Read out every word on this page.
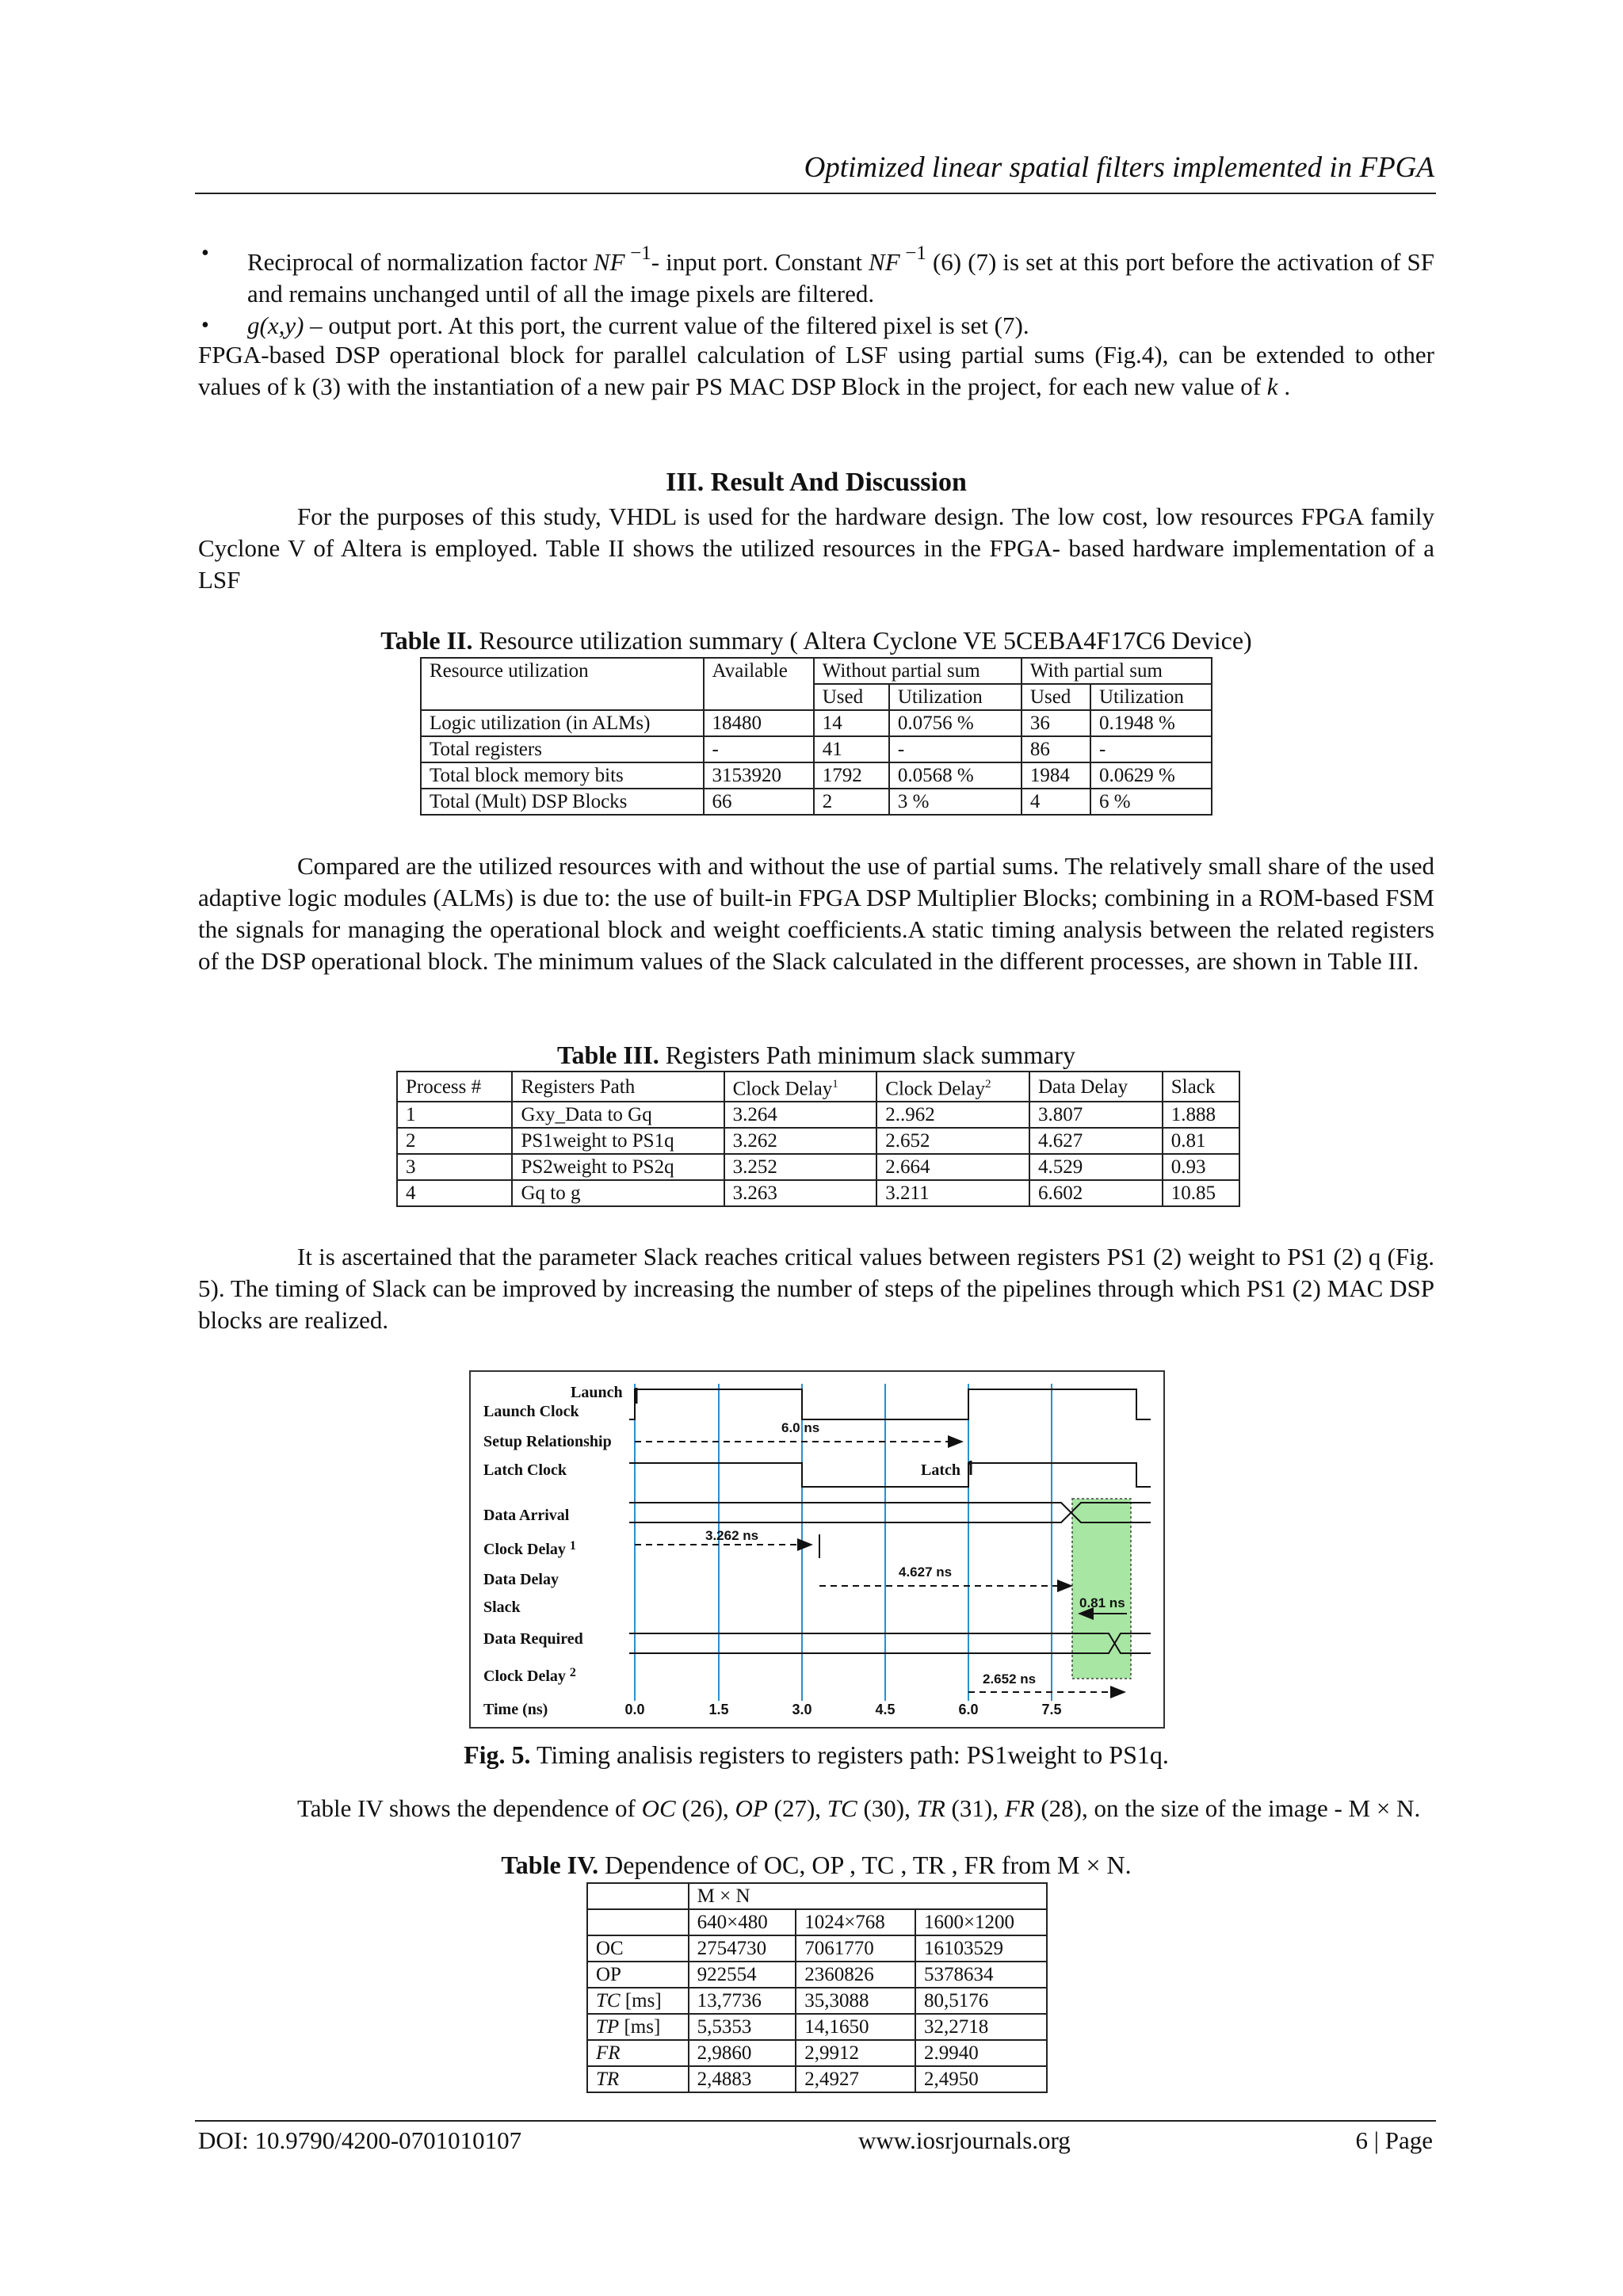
Optimized linear spatial filters implemented in FPGA
• Reciprocal of normalization factor NF $^{-1}$- input port. Constant NF $^{-1}$ (6) (7) is set at this port before the activation of SF and remains unchanged until of all the image pixels are filtered.
• g(x,y) – output port. At this port, the current value of the filtered pixel is set (7).
FPGA-based DSP operational block for parallel calculation of LSF using partial sums (Fig.4), can be extended to other values of k (3) with the instantiation of a new pair PS MAC DSP Block in the project, for each new value of k .
III. Result And Discussion
For the purposes of this study, VHDL is used for the hardware design. The low cost, low resources FPGA family Cyclone V of Altera is employed. Table II shows the utilized resources in the FPGA- based hardware implementation of a LSF
Table II. Resource utilization summary ( Altera Cyclone VE 5CEBA4F17C6 Device)
Resource utilization	Available	Without partial sum		With partial sum	
		Used	Utilization	Used	Utilization
Logic utilization (in ALMs)	18480	14	0.0756 %	36	0.1948 %
Total registers	-	41	-	86	-
Total block memory bits	3153920	1792	0.0568 %	1984	0.0629 %
Total (Mult) DSP Blocks	66	2	3 %	4	6 %
Compared are the utilized resources with and without the use of partial sums. The relatively small share of the used adaptive logic modules (ALMs) is due to: the use of built-in FPGA DSP Multiplier Blocks; combining in a ROM-based FSM the signals for managing the operational block and weight coefficients.A static timing analysis between the related registers of the DSP operational block. The minimum values of the Slack calculated in the different processes, are shown in Table III.
Table III. Registers Path minimum slack summary
Process #	Registers Path	Clock Delay$^1$	Clock Delay$^2$	Data Delay	Slack
1	Gxy_Data to Gq	3.264	2..962	3.807	1.888
2	PS1weight to PS1q	3.262	2.652	4.627	0.81
3	PS2weight to PS2q	3.252	2.664	4.529	0.93
4	Gq to g	3.263	3.211	6.602	10.85
It is ascertained that the parameter Slack reaches critical values between registers PS1 (2) weight to PS1 (2) q (Fig. 5). The timing of Slack can be improved by increasing the number of steps of the pipelines through which PS1 (2) MAC DSP blocks are realized.
Launch
Launch Clock
Setup Relationship
Latch Clock	Latch
Data Arrival
Clock Delay $^1$
Data Delay
Slack
Data Required
Clock Delay $^2$
Time (ns)
6.0 ns
3.262 ns
4.627 ns
0.81 ns
2.652 ns
0.0	1.5	3.0	4.5	6.0	7.5
Fig. 5. Timing analisis registers to registers path: PS1weight to PS1q.
Table IV shows the dependence of OC (26), OP (27), TC (30), TR (31), FR (28), on the size of the image - M × N.
Table IV. Dependence of OC, OP , TC , TR , FR from M × N.
	M × N		
	640×480	1024×768	1600×1200
OC	2754730	7061770	16103529
OP	922554	2360826	5378634
TC [ms]	13,7736	35,3088	80,5176
TP [ms]	5,5353	14,1650	32,2718
FR	2,9860	2,9912	2.9940
TR	2,4883	2,4927	2,4950
DOI: 10.9790/4200-0701010107	www.iosrjournals.org	6 | Page
